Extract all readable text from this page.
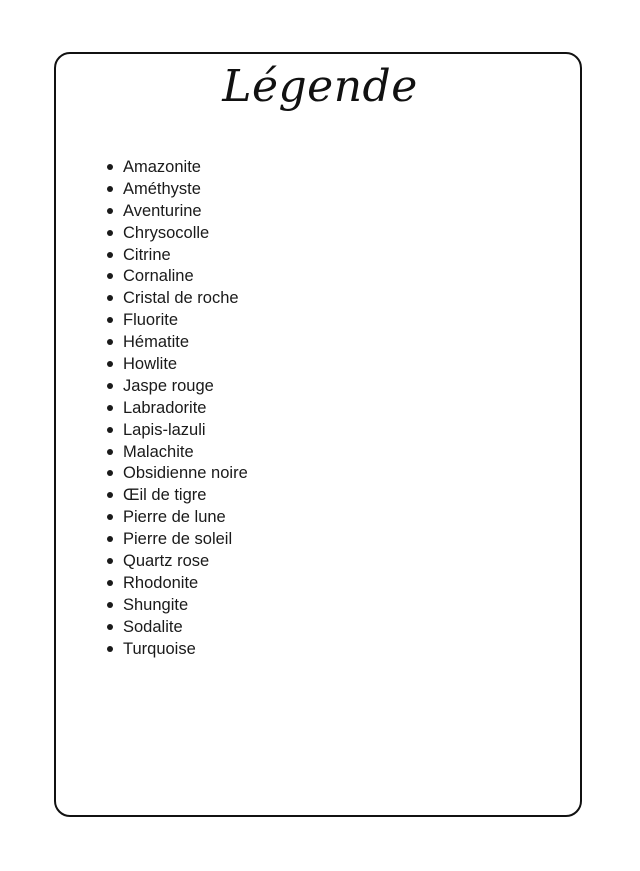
Légende
Amazonite
Améthyste
Aventurine
Chrysocolle
Citrine
Cornaline
Cristal de roche
Fluorite
Hématite
Howlite
Jaspe rouge
Labradorite
Lapis-lazuli
Malachite
Obsidienne noire
Œil de tigre
Pierre de lune
Pierre de soleil
Quartz rose
Rhodonite
Shungite
Sodalite
Turquoise
